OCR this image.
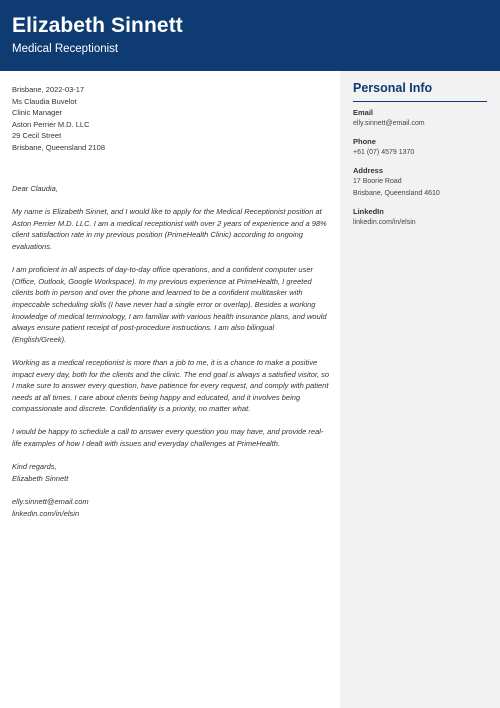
Elizabeth Sinnett
Medical Receptionist
Brisbane, 2022-03-17
Ms Claudia Buvelot
Clinic Manager
Aston Perrier M.D. LLC
29 Cecil Street
Brisbane, Queensland 2108

Dear Claudia,

My name is Elizabeth Sinnet, and I would like to apply for the Medical Receptionist position at Aston Perrier M.D. LLC. I am a medical receptionist with over 2 years of experience and a 98% client satisfaction rate in my previous position (PrimeHealth Clinic) according to ongoing evaluations.

I am proficient in all aspects of day-to-day office operations, and a confident computer user (Office, Outlook, Google Workspace). In my previous experience at PrimeHealth, I greeted clients both in person and over the phone and learned to be a confident multitasker with impeccable scheduling skills (I have never had a single error or overlap). Besides a working knowledge of medical terminology, I am familiar with various health insurance plans, and would always ensure patient receipt of post-procedure instructions. I am also bilingual (English/Greek).

Working as a medical receptionist is more than a job to me, it is a chance to make a positive impact every day, both for the clients and the clinic. The end goal is always a satisfied visitor, so I make sure to answer every question, have patience for every request, and comply with patient needs at all times. I care about clients being happy and educated, and it involves being compassionate and discrete. Confidentiality is a priority, no matter what.

I would be happy to schedule a call to answer every question you may have, and provide real-life examples of how I dealt with issues and everyday challenges at PrimeHealth.

Kind regards,

Elizabeth Sinnett

elly.sinnett@email.com
linkedin.com/in/elsin
Personal Info
Email
elly.sinnett@email.com
Phone
+61 (07) 4579 1370
Address
17 Boorie Road
Brisbane, Queensland 4610
LinkedIn
linkedin.com/in/elsin
